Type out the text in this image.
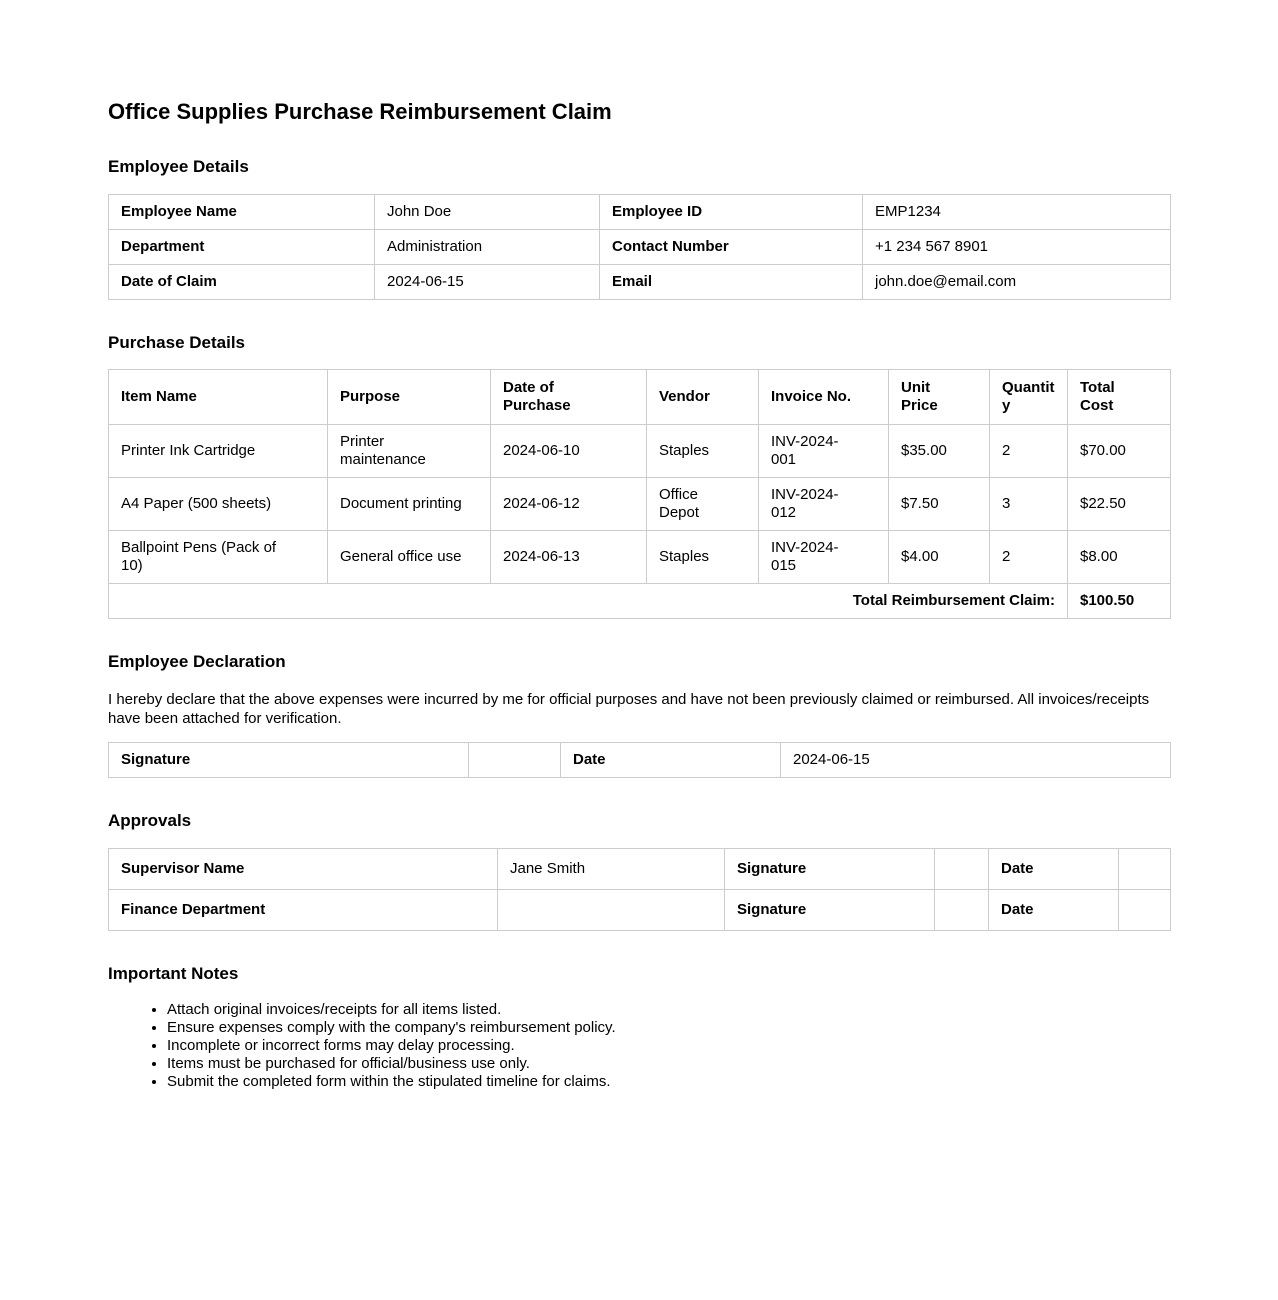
Office Supplies Purchase Reimbursement Claim
Employee Details
Employee Name	John Doe	Employee ID	EMP1234
Department	Administration	Contact Number	+1 234 567 8901
Date of Claim	2024-06-15	Email	john.doe@email.com
Purchase Details
Item Name	Purpose	Date of Purchase	Vendor	Invoice No.	Unit Price	Quantity	Total Cost
Printer Ink Cartridge	Printer maintenance	2024-06-10	Staples	INV-2024-001	$35.00	2	$70.00
A4 Paper (500 sheets)	Document printing	2024-06-12	Office Depot	INV-2024-012	$7.50	3	$22.50
Ballpoint Pens (Pack of 10)	General office use	2024-06-13	Staples	INV-2024-015	$4.00	2	$8.00
Total Reimbursement Claim:							$100.50
Employee Declaration

I hereby declare that the above expenses were incurred by me for official purposes and have not been previously claimed or reimbursed. All invoices/receipts have been attached for verification.

Signature		Date	2024-06-15
Approvals
Supervisor Name	Jane Smith	Signature		Date	
Finance Department		Signature		Date	
Important Notes
• Attach original invoices/receipts for all items listed.
• Ensure expenses comply with the company's reimbursement policy.
• Incomplete or incorrect forms may delay processing.
• Items must be purchased for official/business use only.
• Submit the completed form within the stipulated timeline for claims.
